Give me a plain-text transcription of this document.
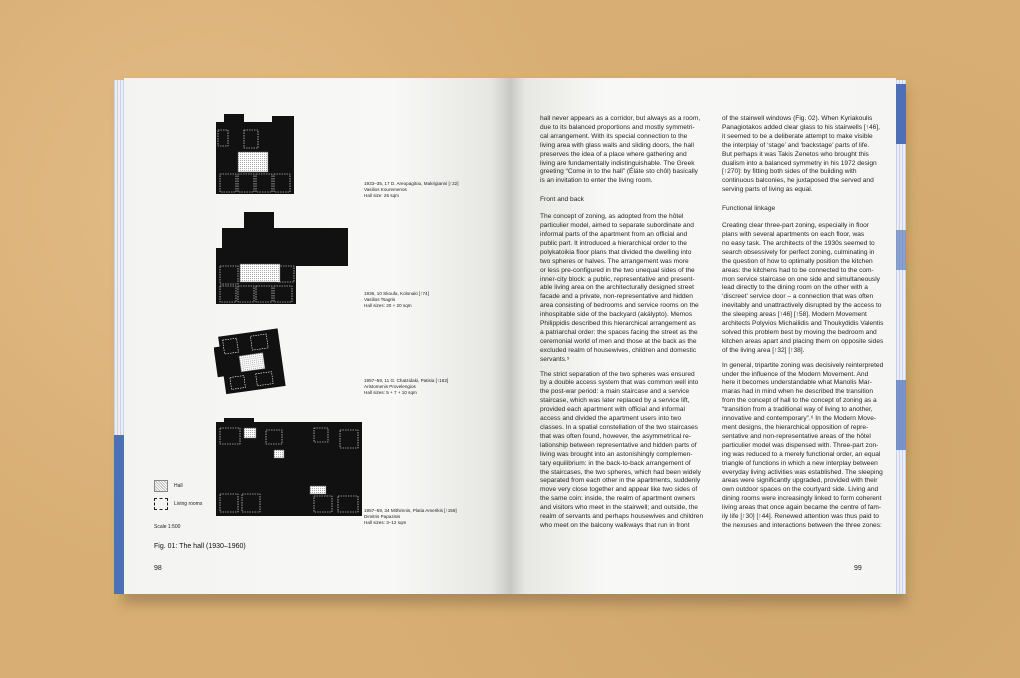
1933–35, 17 D. Areopagitou, Makrigianni [↑22]
Vasilios Kouremenos
Hall size: 26 sqm
1936, 10 Skoufa, Kolonaki [↑74]
Vasilios Tsagris
Hall sizes: 20 + 20 sqm
1957–59, 11 G. Chatzidaki, Patisia [↑162]
Aristomenis Provelengios
Hall sizes: 5 + 7 + 10 sqm
1957–59, 34 Mithimnis, Platia Amerikis [↑158]
Dimitris Papazisis
Hall sizes: 3–12 sqm
Hall
Living rooms
Scale 1:500
Fig. 01: The hall (1930–1960)
98

hall never appears as a corridor, but always as a room,
due to its balanced proportions and mostly symmetri-
cal arrangement. With its special connection to the
living area with glass walls and sliding doors, the hall
preserves the idea of a place where gathering and
living are fundamentally indistinguishable. The Greek
greeting “Come in to the hall” (Éláte sto chôl) basically
is an invitation to enter the living room.

Front and back

The concept of zoning, as adopted from the hôtel
particulier model, aimed to separate subordinate and
informal parts of the apartment from an official and
public part. It introduced a hierarchical order to the
polykatoikia floor plans that divided the dwelling into
two spheres or halves. The arrangement was more
or less pre-configured in the two unequal sides of the
inner-city block: a public, representative and present-
able living area on the architecturally designed street
facade and a private, non-representative and hidden
area consisting of bedrooms and service rooms on the
inhospitable side of the backyard (akálypto). Memos
Philippidis described this hierarchical arrangement as
a patriarchal order: the spaces facing the street as the
ceremonial world of men and those at the back as the
excluded realm of housewives, children and domestic
servants.⁵

The strict separation of the two spheres was ensured
by a double access system that was common well into
the post-war period: a main staircase and a service
staircase, which was later replaced by a service lift,
provided each apartment with official and informal
access and divided the apartment users into two
classes. In a spatial constellation of the two staircases
that was often found, however, the asymmetrical re-
lationship between representative and hidden parts of
living was brought into an astonishingly complemen-
tary equilibrium: in the back-to-back arrangement of
the staircases, the two spheres, which had been widely
separated from each other in the apartments, suddenly
move very close together and appear like two sides of
the same coin: inside, the realm of apartment owners
and visitors who meet in the stairwell; and outside, the
realm of servants and perhaps housewives and children
who meet on the balcony walkways that run in front

of the stairwell windows (Fig. 02). When Kyriakoulis
Panagiotakos added clear glass to his stairwells [↑46],
it seemed to be a deliberate attempt to make visible
the interplay of ‘stage’ and ‘backstage’ parts of life.
But perhaps it was Takis Zenetos who brought this
dualism into a balanced symmetry in his 1972 design
[↑270]: by fitting both sides of the building with
continuous balconies, he juxtaposed the served and
serving parts of living as equal.

Functional linkage

Creating clear three-part zoning, especially in floor
plans with several apartments on each floor, was
no easy task. The architects of the 1930s seemed to
search obsessively for perfect zoning, culminating in
the question of how to optimally position the kitchen
areas: the kitchens had to be connected to the com-
mon service staircase on one side and simultaneously
lead directly to the dining room on the other with a
‘discreet’ service door – a connection that was often
inevitably and unattractively disrupted by the access to
the sleeping areas [↑46] [↑58]. Modern Movement
architects Polyvios Michailidis and Thoukydidis Valentis
solved this problem best by moving the bedroom and
kitchen areas apart and placing them on opposite sides
of the living area [↑32] [↑38].

In general, tripartite zoning was decisively reinterpreted
under the influence of the Modern Movement. And
here it becomes understandable what Manolis Mar-
maras had in mind when he described the transition
from the concept of hall to the concept of zoning as a
“transition from a traditional way of living to another,
innovative and contemporary”.⁶ In the Modern Move-
ment designs, the hierarchical opposition of repre-
sentative and non-representative areas of the hôtel
particulier model was dispensed with. Three-part zon-
ing was reduced to a merely functional order, an equal
triangle of functions in which a new interplay between
everyday living activities was established. The sleeping
areas were significantly upgraded, provided with their
own outdoor spaces on the courtyard side. Living and
dining rooms were increasingly linked to form coherent
living areas that once again became the centre of fam-
ily life [↑30] [↑44]. Renewed attention was thus paid to
the nexuses and interactions between the three zones:

99
